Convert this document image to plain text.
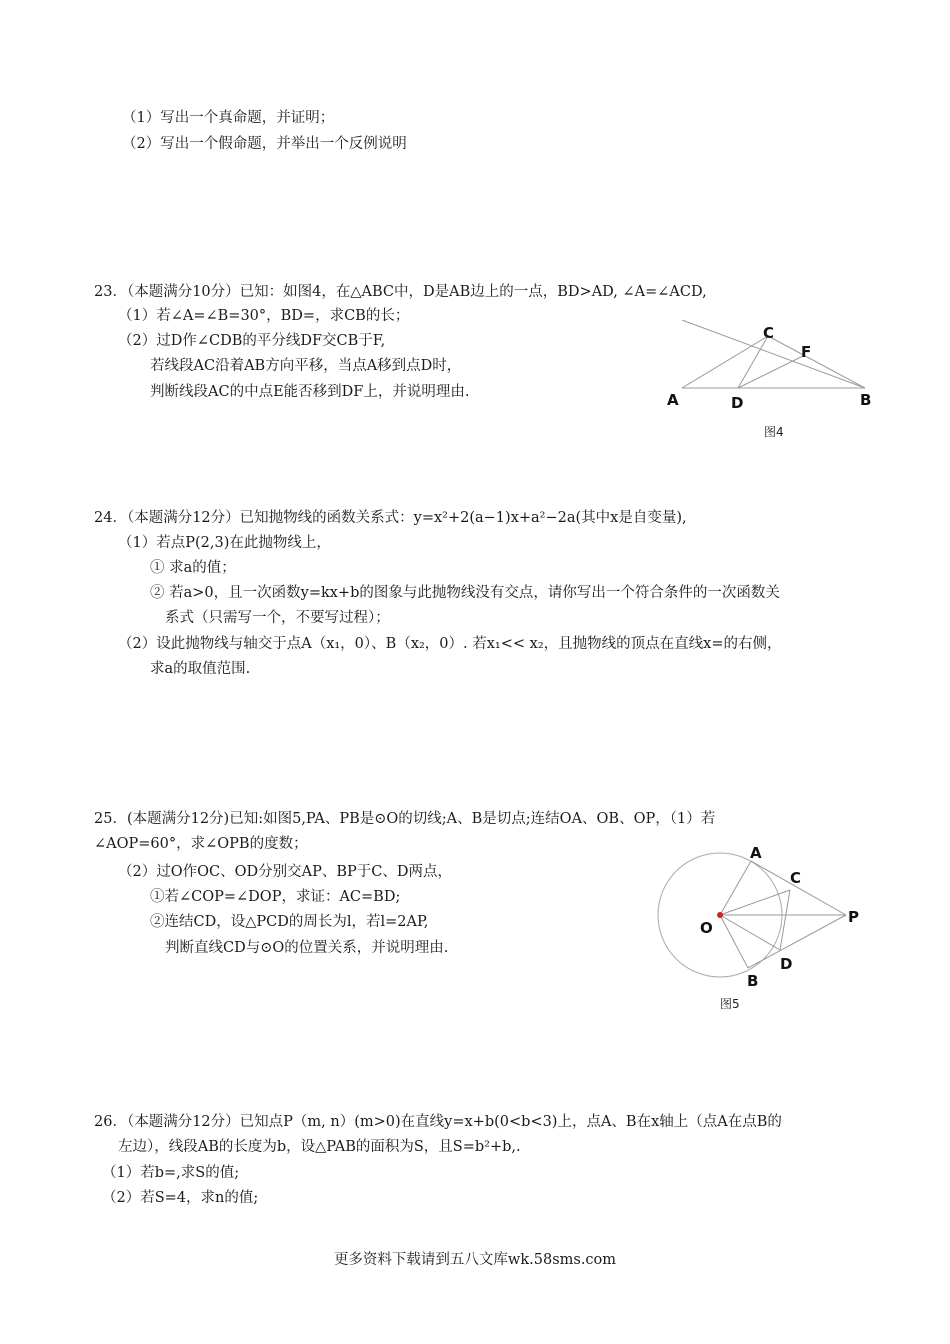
（1）写出一个真命题，并证明；
（2）写出一个假命题，并举出一个反例说明
23．（本题满分10分）已知：如图4，在△ABC中，D是AB边上的一点，BD>AD, ∠A=∠ACD,
（1）若∠A=∠B=30°，BD=，求CB的长；
（2）过D作∠CDB的平分线DF交CB于F,
若线段AC沿着AB方向平移，当点A移到点D时，
判断线段AC的中点E能否移到DF上，并说明理由.
C
F
A	D	B
图4
24．（本题满分12分）已知抛物线的函数关系式：y=x²+2(a−1)x+a²−2a(其中x是自变量),
（1）若点P(2,3)在此抛物线上，
① 求a的值；
② 若a>0，且一次函数y=kx+b的图象与此抛物线没有交点，请你写出一个符合条件的一次函数关
系式（只需写一个，不要写过程）；
（2）设此抛物线与轴交于点A（x₁，0）、B（x₂，0）. 若x₁<< x₂，且抛物线的顶点在直线x=的右侧，
求a的取值范围.
25．(本题满分12分)已知:如图5,PA、PB是⊙O的切线;A、B是切点;连结OA、OB、OP，（1）若
∠AOP=60°，求∠OPB的度数；
（2）过O作OC、OD分别交AP、BP于C、D两点，
①若∠COP=∠DOP，求证：AC=BD;
②连结CD，设△PCD的周长为l，若l=2AP,
判断直线CD与⊙O的位置关系，并说明理由.
A
C
O
P
D
B
图5
26．（本题满分12分）已知点P（m, n）(m>0)在直线y=x+b(0<b<3)上，点A、B在x轴上（点A在点B的
左边），线段AB的长度为b，设△PAB的面积为S，且S=b²+b,.
（1）若b=,求S的值;
（2）若S=4，求n的值;
更多资料下载请到五八文库wk.58sms.com
